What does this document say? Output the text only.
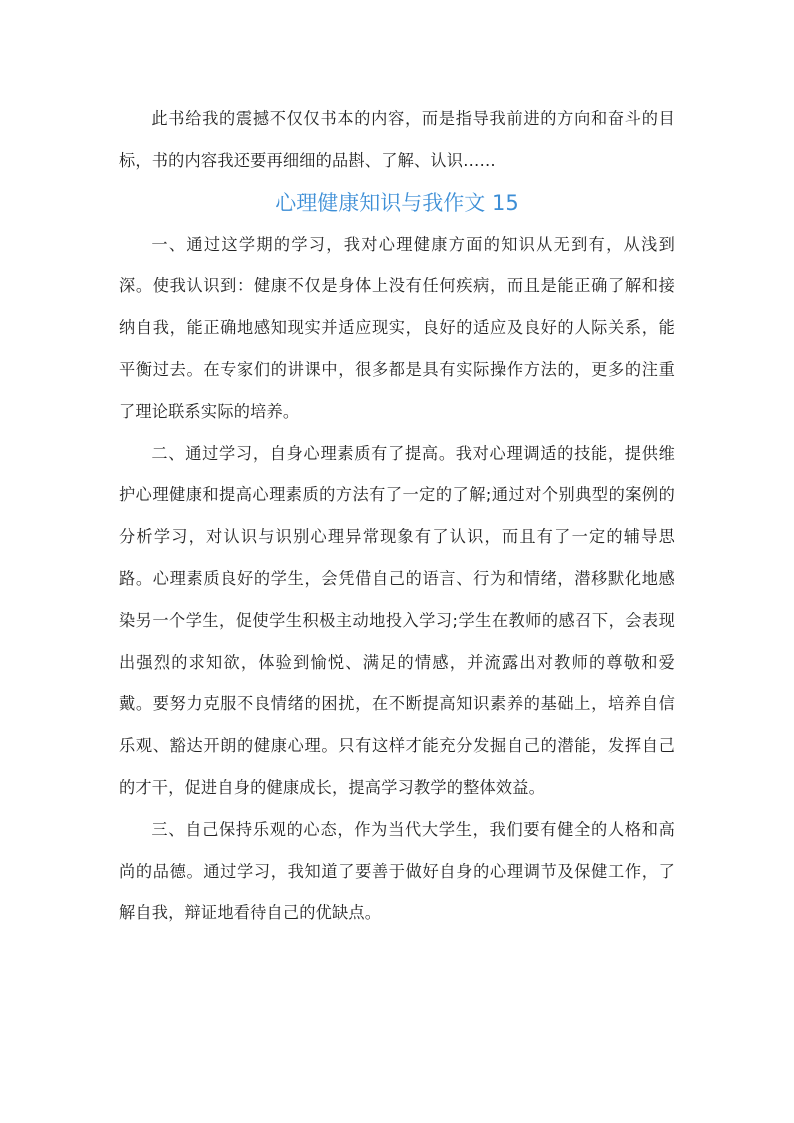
此书给我的震撼不仅仅书本的内容，而是指导我前进的方向和奋斗的目标，书的内容我还要再细细的品斟、了解、认识……

心理健康知识与我作文 15

一、通过这学期的学习，我对心理健康方面的知识从无到有，从浅到深。使我认识到：健康不仅是身体上没有任何疾病，而且是能正确了解和接纳自我，能正确地感知现实并适应现实，良好的适应及良好的人际关系，能平衡过去。在专家们的讲课中，很多都是具有实际操作方法的，更多的注重了理论联系实际的培养。

二、通过学习，自身心理素质有了提高。我对心理调适的技能，提供维护心理健康和提高心理素质的方法有了一定的了解;通过对个别典型的案例的分析学习，对认识与识别心理异常现象有了认识，而且有了一定的辅导思路。心理素质良好的学生，会凭借自己的语言、行为和情绪，潜移默化地感染另一个学生，促使学生积极主动地投入学习;学生在教师的感召下，会表现出强烈的求知欲，体验到愉悦、满足的情感，并流露出对教师的尊敬和爱戴。要努力克服不良情绪的困扰，在不断提高知识素养的基础上，培养自信乐观、豁达开朗的健康心理。只有这样才能充分发掘自己的潜能，发挥自己的才干，促进自身的健康成长，提高学习教学的整体效益。

三、自己保持乐观的心态，作为当代大学生，我们要有健全的人格和高尚的品德。通过学习，我知道了要善于做好自身的心理调节及保健工作，了解自我，辩证地看待自己的优缺点。
